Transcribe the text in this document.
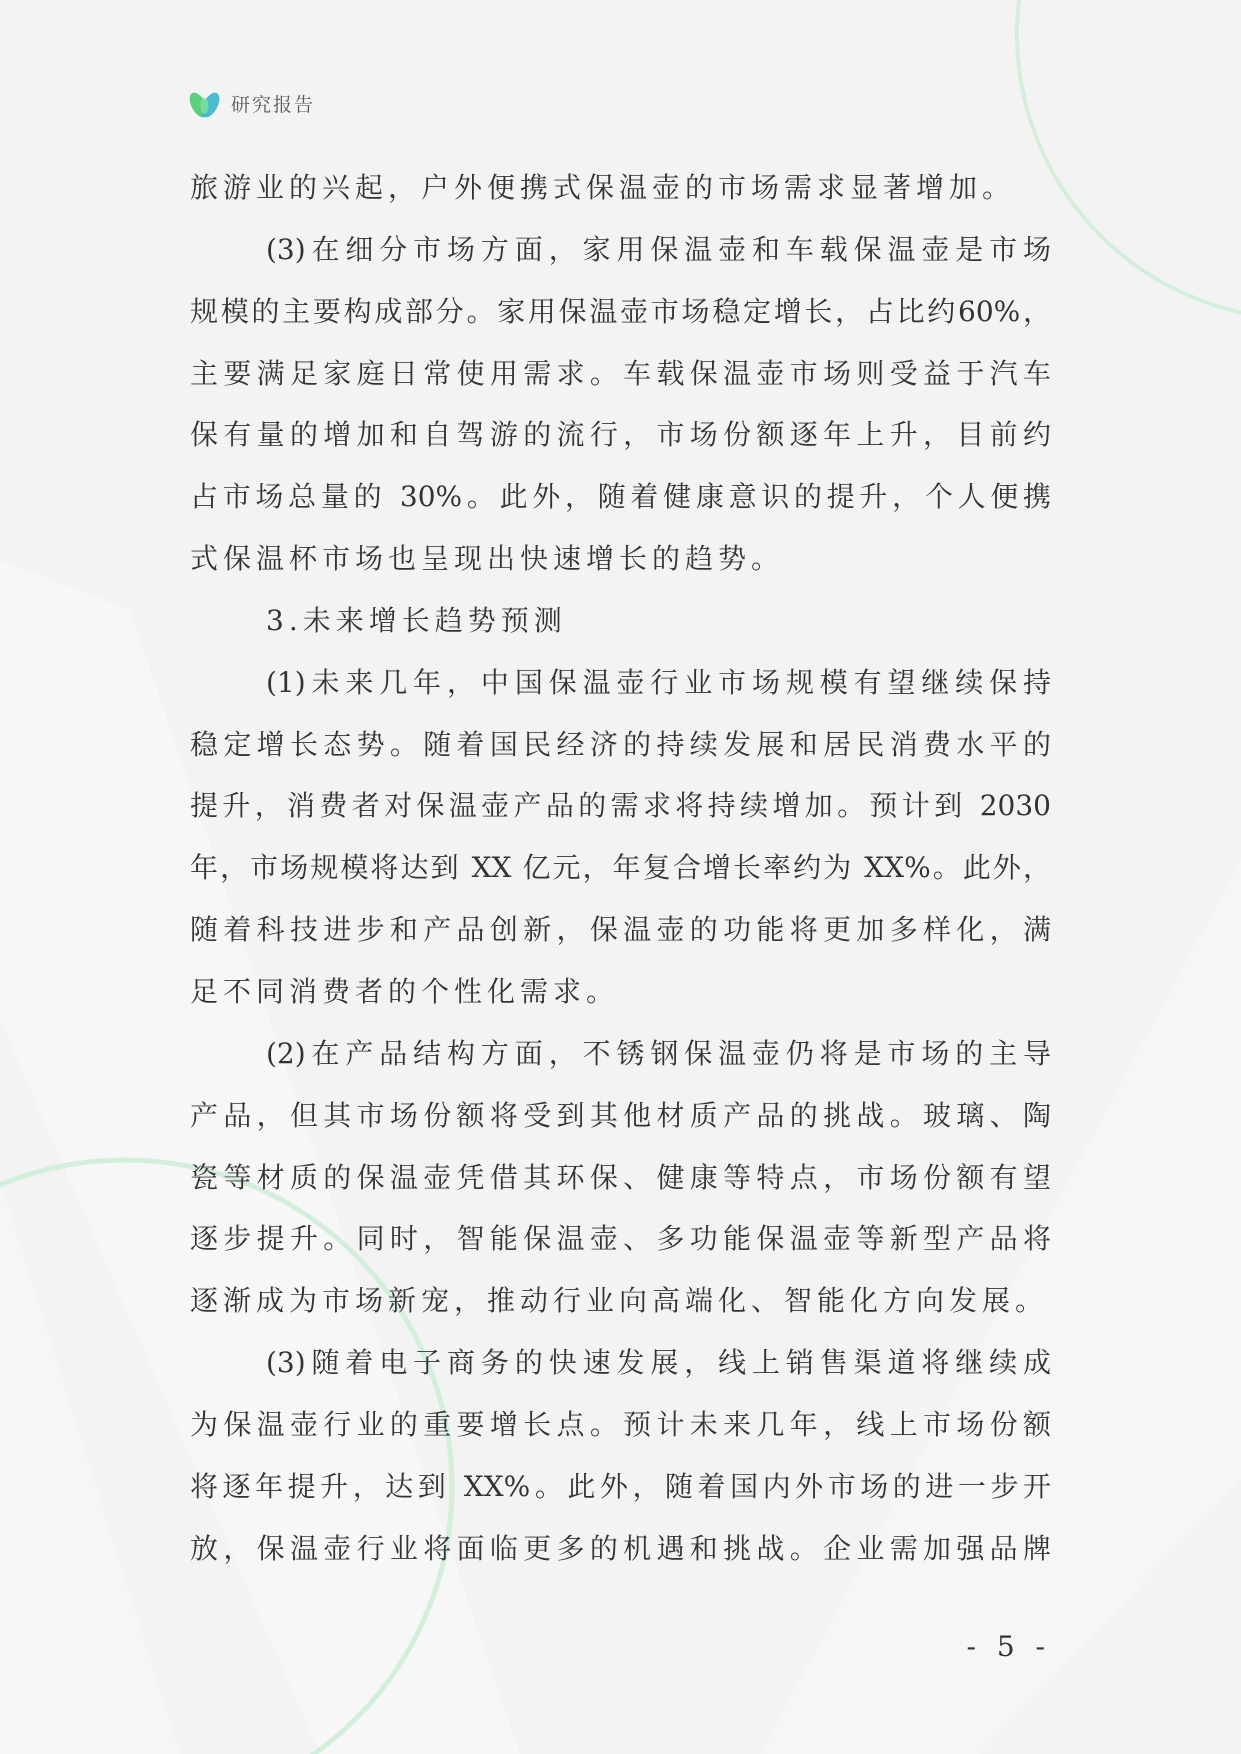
研究报告
旅游业的兴起，户外便携式保温壶的市场需求显著增加。
(3)在细分市场方面，家用保温壶和车载保温壶是市场
规模的主要构成部分。家用保温壶市场稳定增长，占比约60%，
主要满足家庭日常使用需求。车载保温壶市场则受益于汽车
保有量的增加和自驾游的流行，市场份额逐年上升，目前约
占市场总量的 30%。此外，随着健康意识的提升，个人便携
式保温杯市场也呈现出快速增长的趋势。
3.未来增长趋势预测
(1)未来几年，中国保温壶行业市场规模有望继续保持
稳定增长态势。随着国民经济的持续发展和居民消费水平的
提升，消费者对保温壶产品的需求将持续增加。预计到 2030
年，市场规模将达到 XX 亿元，年复合增长率约为 XX%。此外，
随着科技进步和产品创新，保温壶的功能将更加多样化，满
足不同消费者的个性化需求。
(2)在产品结构方面，不锈钢保温壶仍将是市场的主导
产品，但其市场份额将受到其他材质产品的挑战。玻璃、陶
瓷等材质的保温壶凭借其环保、健康等特点，市场份额有望
逐步提升。同时，智能保温壶、多功能保温壶等新型产品将
逐渐成为市场新宠，推动行业向高端化、智能化方向发展。
(3)随着电子商务的快速发展，线上销售渠道将继续成
为保温壶行业的重要增长点。预计未来几年，线上市场份额
将逐年提升，达到 XX%。此外，随着国内外市场的进一步开
放，保温壶行业将面临更多的机遇和挑战。企业需加强品牌
- 5 -
